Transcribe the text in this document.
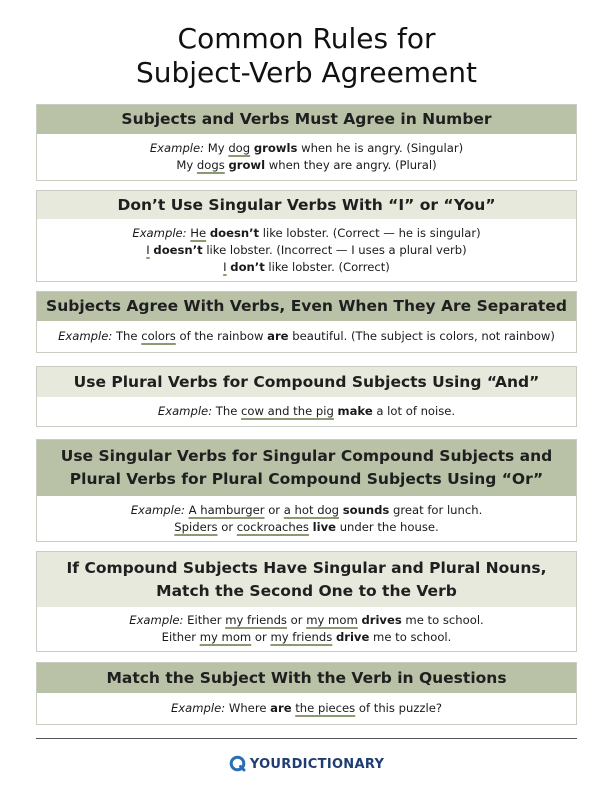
Common Rules for
Subject-Verb Agreement
Subjects and Verbs Must Agree in Number
Example: My dog growls when he is angry. (Singular)
My dogs growl when they are angry. (Plural)
Don’t Use Singular Verbs With “I” or “You”
Example: He doesn’t like lobster. (Correct — he is singular)
I doesn’t like lobster. (Incorrect — I uses a plural verb)
I don’t like lobster. (Correct)
Subjects Agree With Verbs, Even When They Are Separated
Example: The colors of the rainbow are beautiful. (The subject is colors, not rainbow)
Use Plural Verbs for Compound Subjects Using “And”
Example: The cow and the pig make a lot of noise.
Use Singular Verbs for Singular Compound Subjects and
Plural Verbs for Plural Compound Subjects Using “Or”
Example: A hamburger or a hot dog sounds great for lunch.
Spiders or cockroaches live under the house.
If Compound Subjects Have Singular and Plural Nouns,
Match the Second One to the Verb
Example: Either my friends or my mom drives me to school.
Either my mom or my friends drive me to school.
Match the Subject With the Verb in Questions
Example: Where are the pieces of this puzzle?
YOURDICTIONARY
